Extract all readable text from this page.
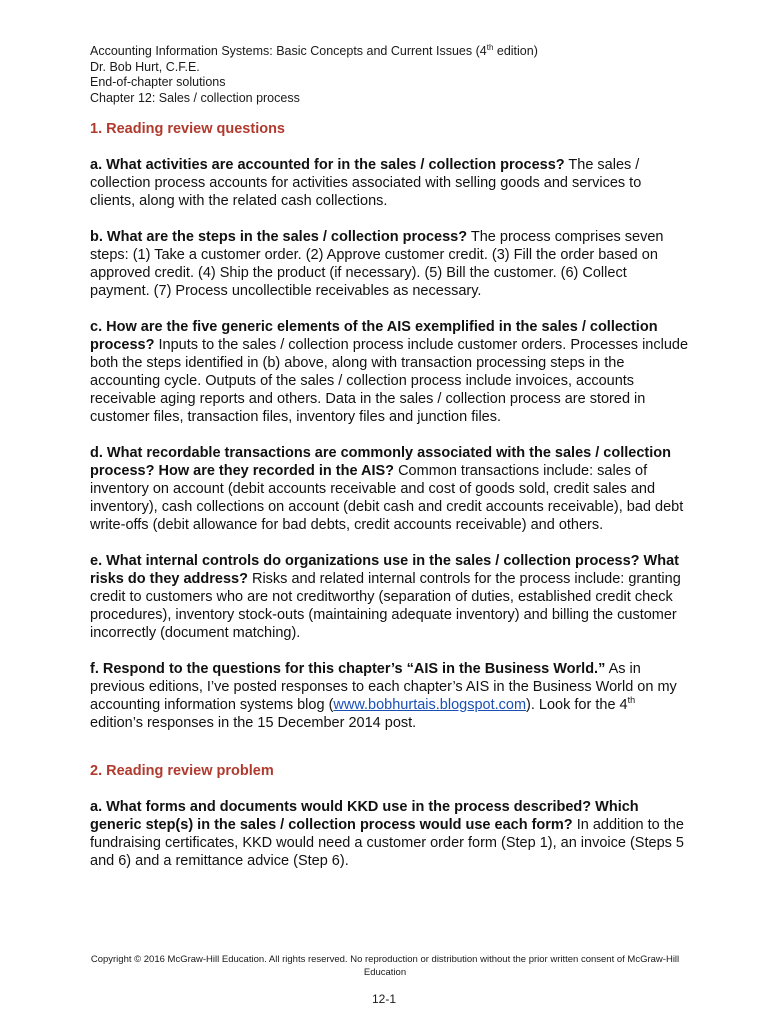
Accounting Information Systems: Basic Concepts and Current Issues (4th edition)
Dr. Bob Hurt, C.F.E.
End-of-chapter solutions
Chapter 12: Sales / collection process
1. Reading review questions

a. What activities are accounted for in the sales / collection process? The sales / collection process accounts for activities associated with selling goods and services to clients, along with the related cash collections.

b. What are the steps in the sales / collection process? The process comprises seven steps: (1) Take a customer order. (2) Approve customer credit. (3) Fill the order based on approved credit. (4) Ship the product (if necessary). (5) Bill the customer. (6) Collect payment. (7) Process uncollectible receivables as necessary.

c. How are the five generic elements of the AIS exemplified in the sales / collection process? Inputs to the sales / collection process include customer orders. Processes include both the steps identified in (b) above, along with transaction processing steps in the accounting cycle. Outputs of the sales / collection process include invoices, accounts receivable aging reports and others. Data in the sales / collection process are stored in customer files, transaction files, inventory files and junction files.

d. What recordable transactions are commonly associated with the sales / collection process? How are they recorded in the AIS? Common transactions include: sales of inventory on account (debit accounts receivable and cost of goods sold, credit sales and inventory), cash collections on account (debit cash and credit accounts receivable), bad debt write-offs (debit allowance for bad debts, credit accounts receivable) and others.

e. What internal controls do organizations use in the sales / collection process? What risks do they address? Risks and related internal controls for the process include: granting credit to customers who are not creditworthy (separation of duties, established credit check procedures), inventory stock-outs (maintaining adequate inventory) and billing the customer incorrectly (document matching).

f. Respond to the questions for this chapter’s “AIS in the Business World.” As in previous editions, I’ve posted responses to each chapter’s AIS in the Business World on my accounting information systems blog (www.bobhurtais.blogspot.com). Look for the 4th edition’s responses in the 15 December 2014 post.

2. Reading review problem

a. What forms and documents would KKD use in the process described? Which generic step(s) in the sales / collection process would use each form? In addition to the fundraising certificates, KKD would need a customer order form (Step 1), an invoice (Steps 5 and 6) and a remittance advice (Step 6).

Copyright © 2016 McGraw-Hill Education. All rights reserved. No reproduction or distribution without the prior written consent of McGraw-Hill Education
12-1
